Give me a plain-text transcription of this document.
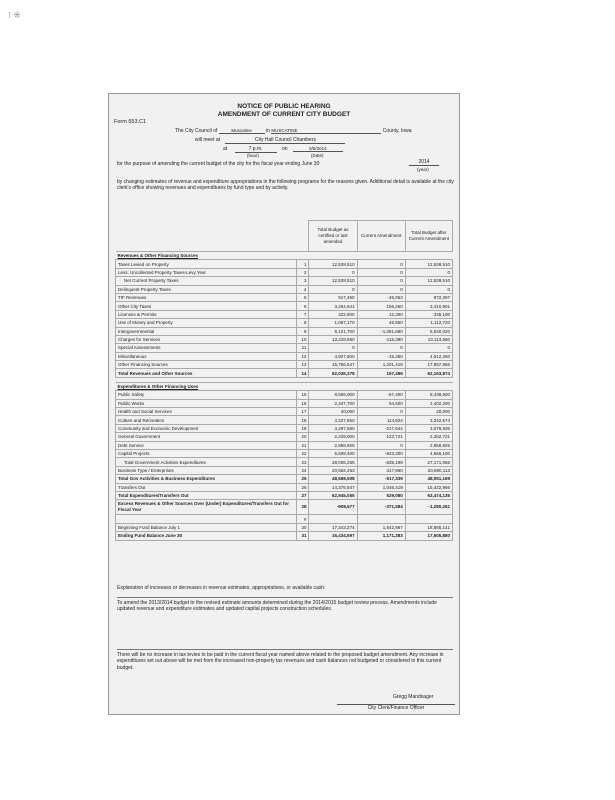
⁝ ⁜
NOTICE OF PUBLIC HEARING
AMENDMENT OF CURRENT CITY BUDGET
Form 653.C1
The City Council of	Muscatine	in MUSCATINE	County, Iowa
will meet at	City Hall Council Chambers
at	7 p.m.	on	5/5/2014
(hour)	(Date)
for the purpose of amending the current budget of the city for the fiscal year ending June 30	2014
(year)
by changing estimates of revenue and expenditure appropriations in the following programs for the reasons given. Additional detail is available at the city clerk's office showing revenues and expenditures by fund type and by activity.
		Total Budget as certified or last amended	Current Amendment	Total Budget after Current Amendment
Revenues & Other Financing Sources				
Taxes Levied on Property	1	12,539,510	0	12,539,510
Less: Uncollected Property Taxes-Levy Year	2	0	0	0
Net Current Property Taxes	3	12,539,510	0	12,539,510
Delinquent Property Taxes	4	0	0	0
TIF Revenues	5	917,460	-45,063	872,397
Other City Taxes	6	3,254,641	156,260	3,410,901
Licenses & Permits	7	322,800	12,300	335,100
Use of Money and Property	8	1,067,170	45,550	1,112,720
Intergovernmental	9	9,121,700	-1,081,680	8,040,020
Charges for Services	10	13,228,950	-115,390	13,113,560
Special Assessments	11	0	0	0
Miscellaneous	12	4,927,600	-15,350	4,912,250
Other Financing Sources	13	16,756,547	1,201,419	17,957,966
Total Revenues and Other Sources	14	62,036,378	157,496	62,193,874

Expenditures & Other Financing Uses				
Public Safety	15	8,506,000	-67,400	8,438,600
Public Works	16	2,347,700	54,500	2,402,200
Health and Social Services	17	20,000	0	20,000
Culture and Recreation	18	3,227,650	114,924	3,342,574
Community and Economic Development	19	3,297,580	-217,644	3,079,936
General Government	20	2,229,000	123,721	2,352,721
Debt Service	21	2,858,925	0	2,858,925
Capital Projects	22	5,509,400	-843,300	4,666,100
Total Government Activities Expenditures	23	28,006,255	-835,199	27,171,056
Business Type / Enterprises	24	20,562,253	317,860	20,880,113
Total Gov Activities & Business Expenditures	25	48,568,508	-517,339	48,051,169
Transfers Out	26	14,376,547	1,046,419	15,422,966
Total Expenditures/Transfers Out	27	62,945,055	529,080	63,474,135
Excess Revenues & Other Sources Over (Under) Expenditures/Transfers Out for Fiscal Year	28	-908,677	-371,584	-1,280,261
	#			
Beginning Fund Balance July 1	30	17,343,274	1,542,867	18,886,141
Ending Fund Balance June 30	31	16,434,597	1,171,283	17,605,880
Explanation of increases or decreases in revenue estimates, appropriations, or available cash:
To amend the 2013/2014 budget to the revised estimate amounts determined during the 2014/2015 budget review process. Amendments include updated revenue and expenditure estimates and updated capital projects construction schedules.
There will be no increase in tax levies to be paid in the current fiscal year named above related to the proposed budget amendment. Any increase in expenditures set out above will be met from the increased non-property tax revenues and cash balances not budgeted or considered in this current budget.
Gregg Mandsager
City Clerk/Finance Officer
